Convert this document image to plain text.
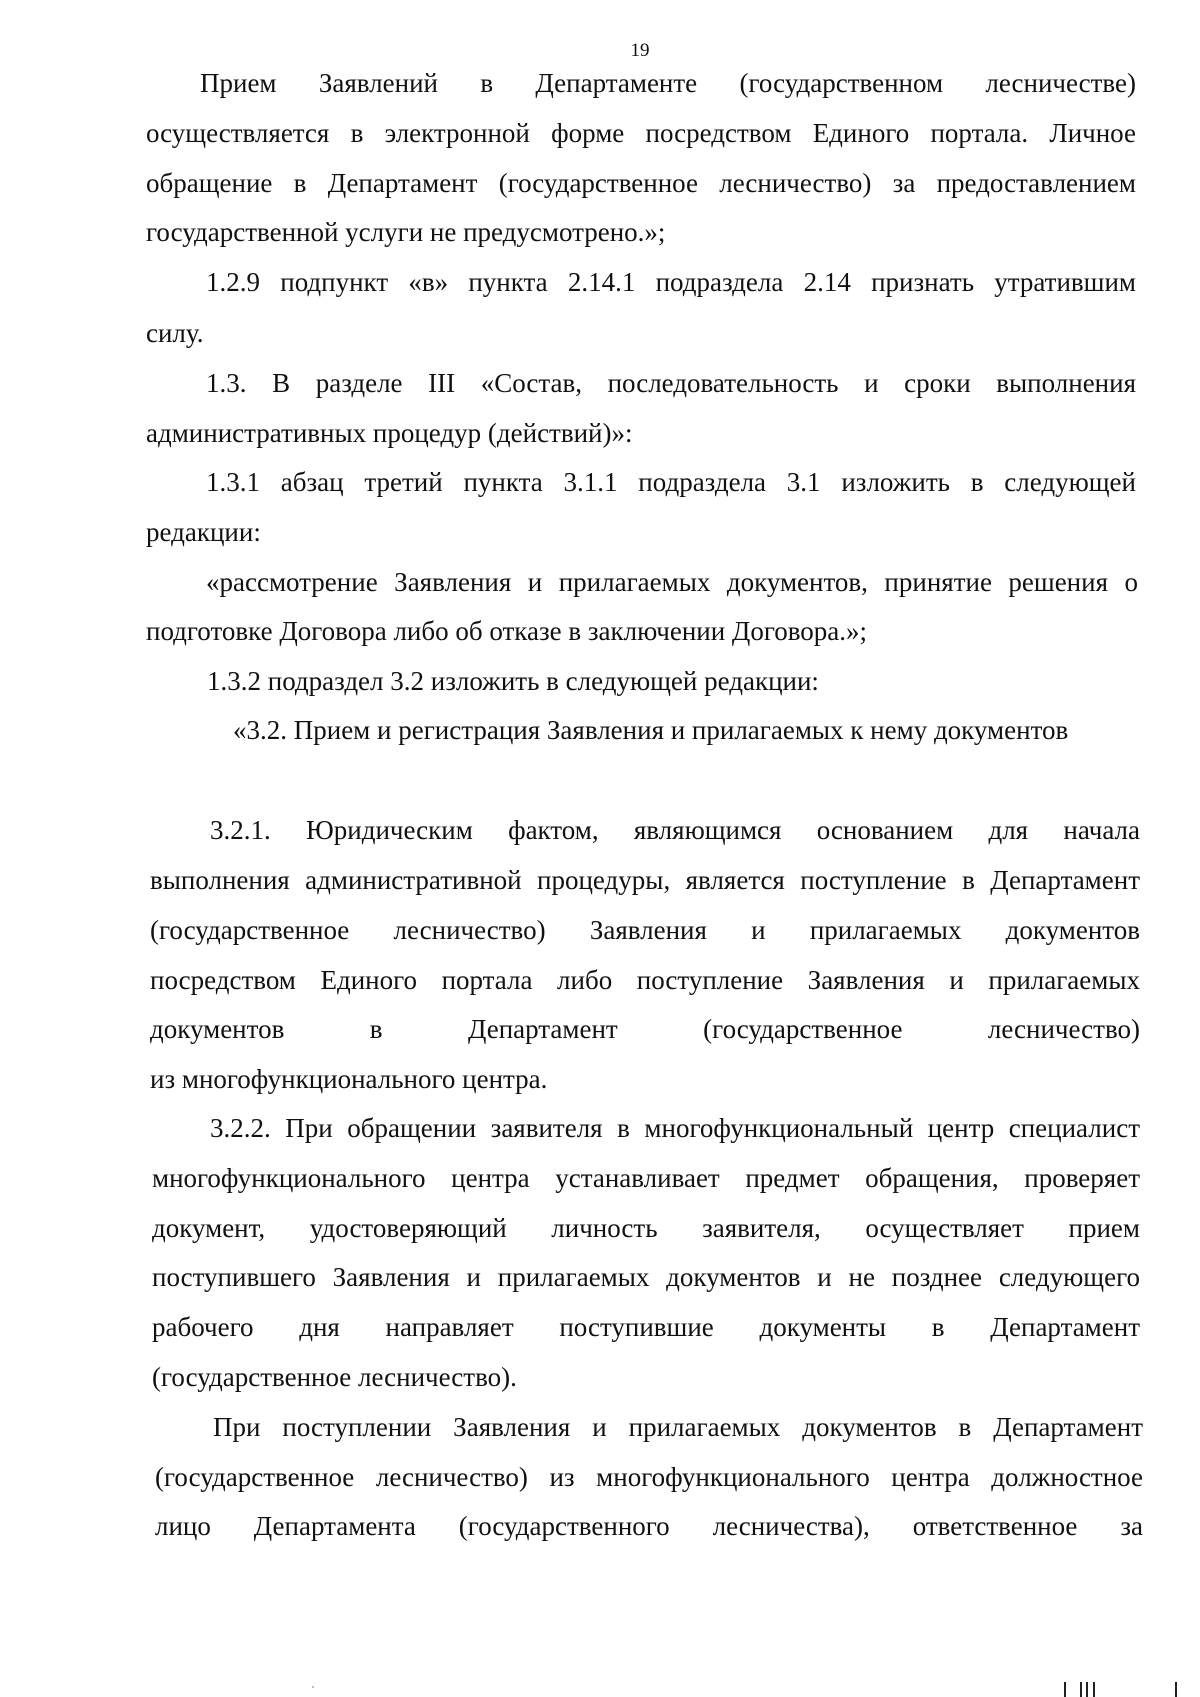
19
Прием Заявлений в Департаменте (государственном лесничестве)
осуществляется в электронной форме посредством Единого портала. Личное
обращение в Департамент (государственное лесничество) за предоставлением
государственной услуги не предусмотрено.»;
1.2.9 подпункт «в» пункта 2.14.1 подраздела 2.14 признать утратившим
силу.
1.3. В разделе III «Состав, последовательность и сроки выполнения
административных процедур (действий)»:
1.3.1 абзац третий пункта 3.1.1 подраздела 3.1 изложить в следующей
редакции:
«рассмотрение Заявления и прилагаемых документов, принятие решения о
подготовке Договора либо об отказе в заключении Договора.»;
1.3.2 подраздел 3.2 изложить в следующей редакции:
«3.2. Прием и регистрация Заявления и прилагаемых к нему документов
3.2.1. Юридическим фактом, являющимся основанием для начала
выполнения административной процедуры, является поступление в Департамент
(государственное лесничество) Заявления и прилагаемых документов
посредством Единого портала либо поступление Заявления и прилагаемых
документов в Департамент (государственное лесничество)
из многофункционального центра.
3.2.2. При обращении заявителя в многофункциональный центр специалист
многофункционального центра устанавливает предмет обращения, проверяет
документ, удостоверяющий личность заявителя, осуществляет прием
поступившего Заявления и прилагаемых документов и не позднее следующего
рабочего дня направляет поступившие документы в Департамент
(государственное лесничество).
При поступлении Заявления и прилагаемых документов в Департамент
(государственное лесничество) из многофункционального центра должностное
лицо Департамента (государственного лесничества), ответственное за
